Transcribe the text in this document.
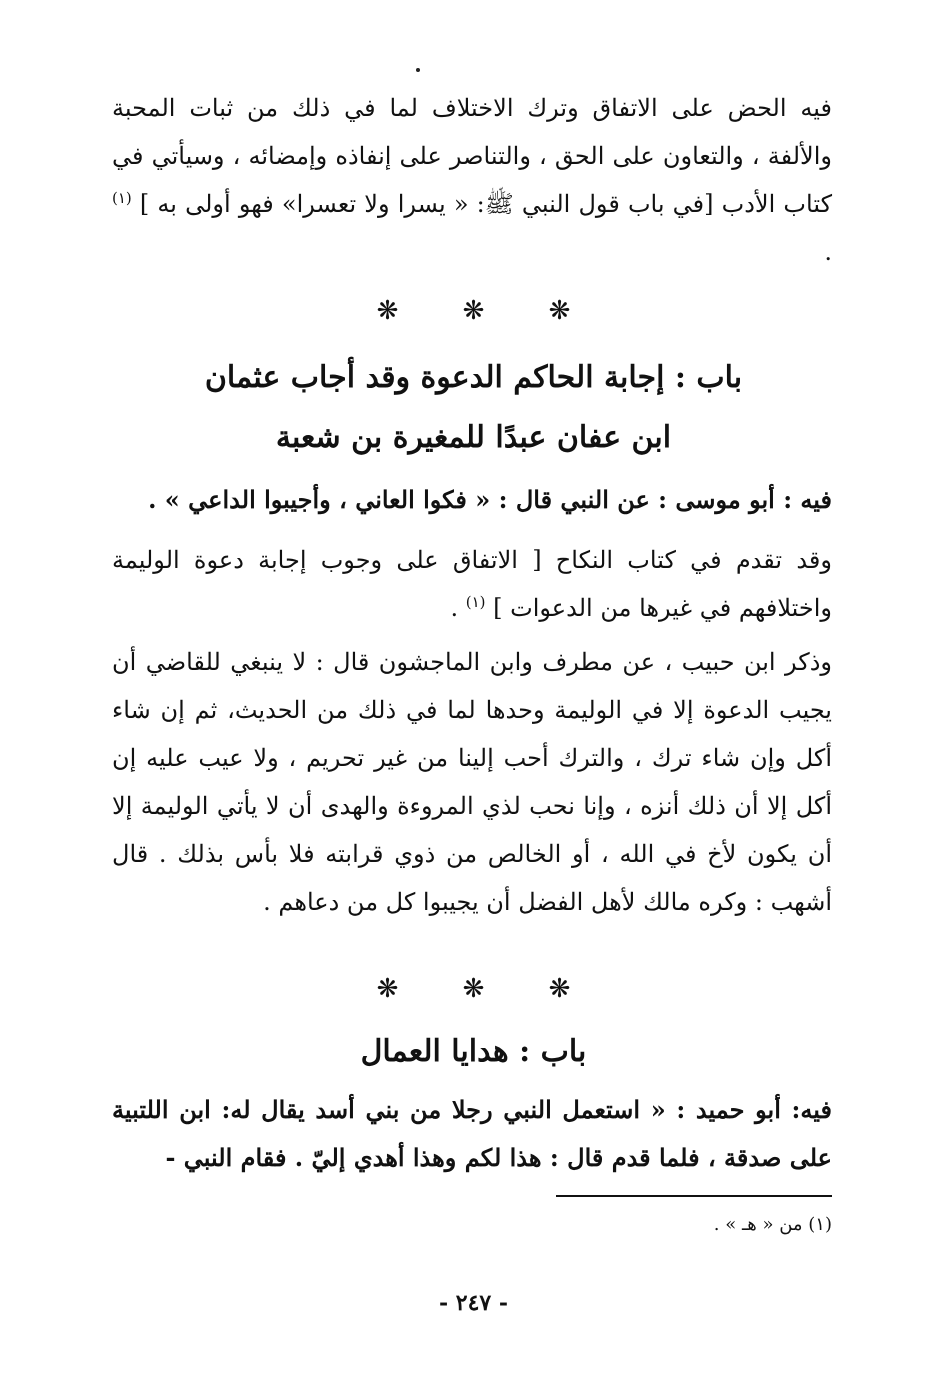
فيه الحض على الاتفاق وترك الاختلاف لما في ذلك من ثبات المحبة والألفة ، والتعاون على الحق ، والتناصر على إنفاذه وإمضائه ، وسيأتي في كتاب الأدب [في باب قول النبي ﷺ: « يسرا ولا تعسرا» فهو أولى به ] $^{(١)}$ .
❋ ❋ ❋
باب : إجابة الحاكم الدعوة وقد أجاب عثمان
ابن عفان عبدًا للمغيرة بن شعبة
فيه : أبو موسى : عن النبي قال : « فكوا العاني ، وأجيبوا الداعي » .
وقد تقدم في كتاب النكاح [ الاتفاق على وجوب إجابة دعوة الوليمة واختلافهم في غيرها من الدعوات ] $^{(١)}$ .
وذكر ابن حبيب ، عن مطرف وابن الماجشون قال : لا ينبغي للقاضي أن يجيب الدعوة إلا في الوليمة وحدها لما في ذلك من الحديث، ثم إن شاء أكل وإن شاء ترك ، والترك أحب إلينا من غير تحريم ، ولا عيب عليه إن أكل إلا أن ذلك أنزه ، وإنا نحب لذي المروءة والهدى أن لا يأتي الوليمة إلا أن يكون لأخ في الله ، أو الخالص من ذوي قرابته فلا بأس بذلك . قال أشهب : وكره مالك لأهل الفضل أن يجيبوا كل من دعاهم .
❋ ❋ ❋
باب : هدايا العمال
فيه: أبو حميد : « استعمل النبي رجلا من بني أسد يقال له: ابن اللتبية على صدقة ، فلما قدم قال : هذا لكم وهذا أهدي إليّ . فقام النبي -
(١) من « هـ » .
- ٢٤٧ -
